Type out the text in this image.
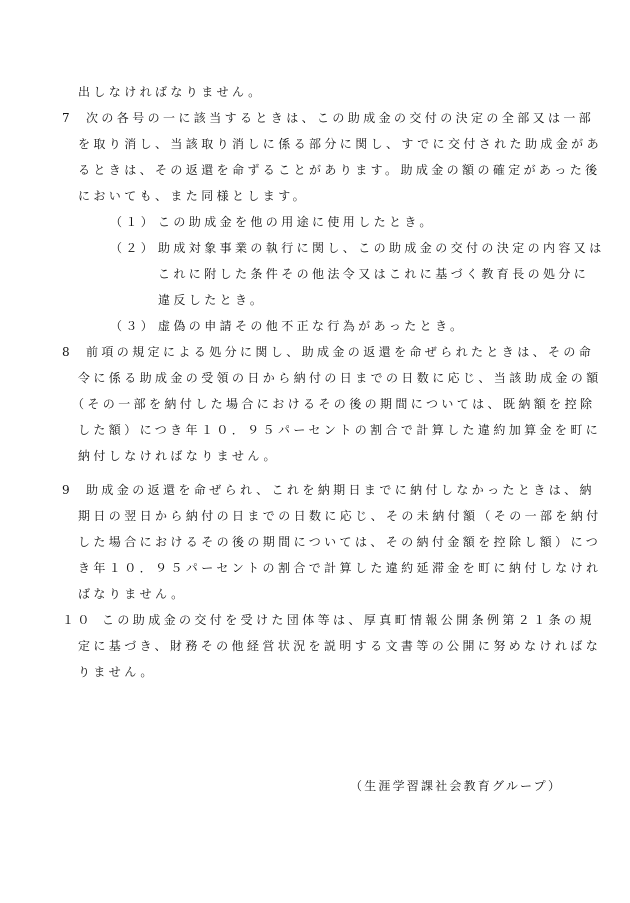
出しなければなりません。
7 次の各号の一に該当するときは、この助成金の交付の決定の全部又は一部
を取り消し、当該取り消しに係る部分に関し、すでに交付された助成金があ
るときは、その返還を命ずることがあります。助成金の額の確定があった後
においても、また同様とします。
（１） この助成金を他の用途に使用したとき。
（２） 助成対象事業の執行に関し、この助成金の交付の決定の内容又は
これに附した条件その他法令又はこれに基づく教育長の処分に
違反したとき。
（３） 虚偽の申請その他不正な行為があったとき。
8 前項の規定による処分に関し、助成金の返還を命ぜられたときは、その命
令に係る助成金の受領の日から納付の日までの日数に応じ、当該助成金の額
（その一部を納付した場合におけるその後の期間については、既納額を控除
した額）につき年１０．９５パーセントの割合で計算した違約加算金を町に
納付しなければなりません。
9 助成金の返還を命ぜられ、これを納期日までに納付しなかったときは、納
期日の翌日から納付の日までの日数に応じ、その未納付額（その一部を納付
した場合におけるその後の期間については、その納付金額を控除し額）につ
き年１０．９５パーセントの割合で計算した違約延滞金を町に納付しなけれ
ばなりません。
１０ この助成金の交付を受けた団体等は、厚真町情報公開条例第２１条の規
定に基づき、財務その他経営状況を説明する文書等の公開に努めなければな
りません。
（生涯学習課社会教育グループ）
